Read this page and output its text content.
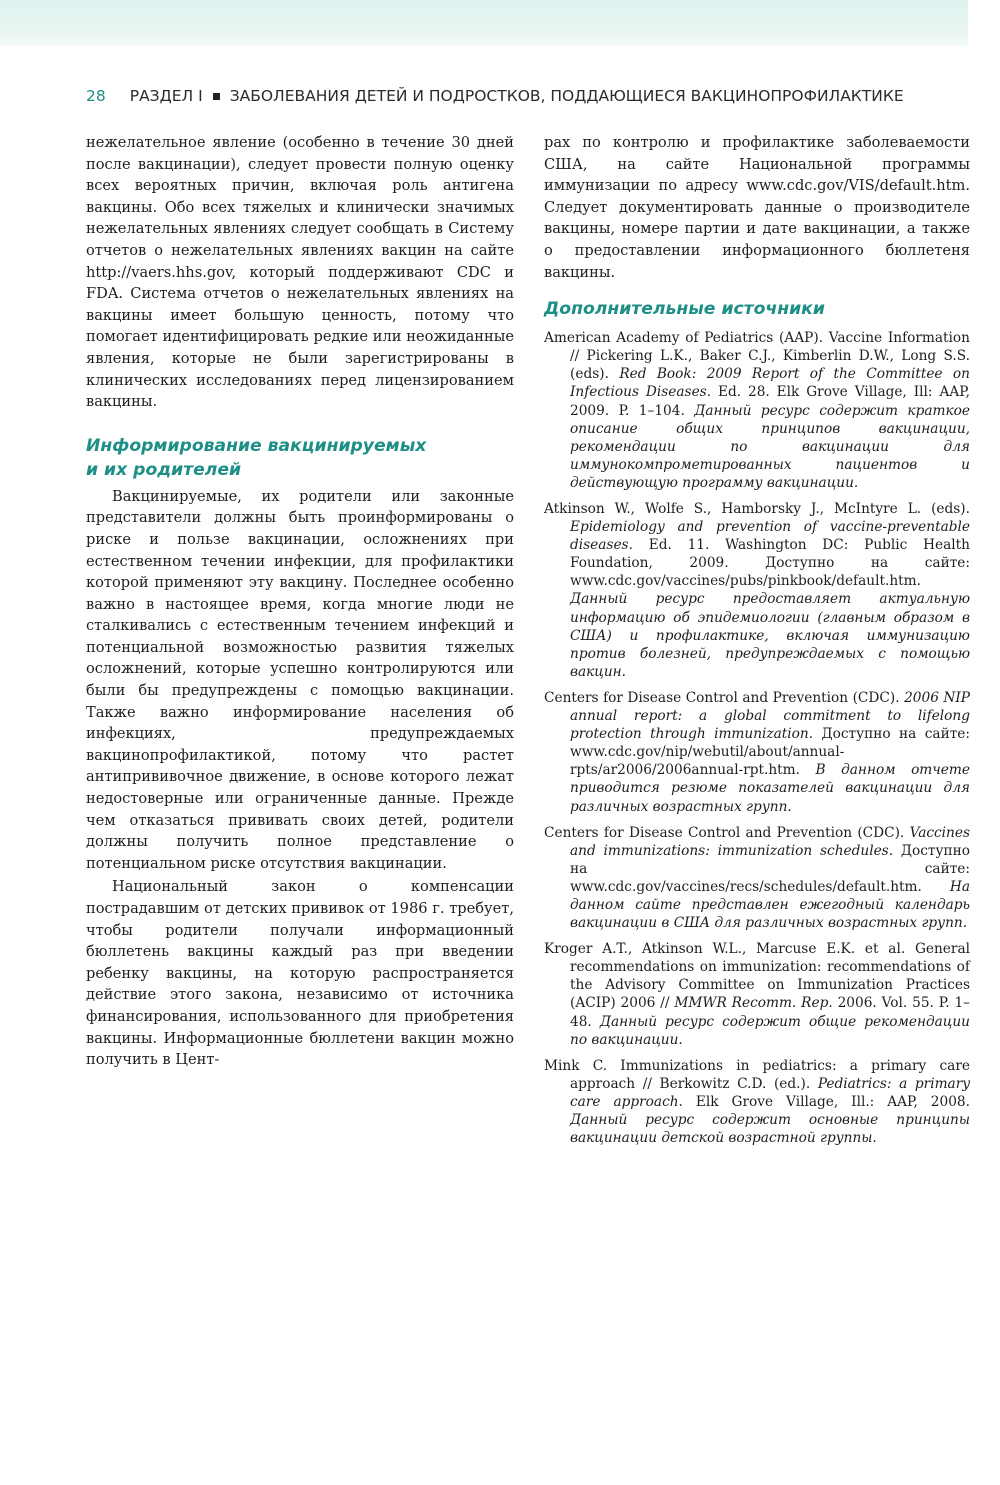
28 РАЗДЕЛ I ЗАБОЛЕВАНИЯ ДЕТЕЙ И ПОДРОСТКОВ, ПОДДАЮЩИЕСЯ ВАКЦИНОПРОФИЛАКТИКЕ

нежелательное явление (особенно в течение 30 дней после вакцинации), следует провести полную оценку всех вероятных причин, включая роль антигена вакцины. Обо всех тяжелых и клинически значимых нежелательных явлениях следует сообщать в Систему отчетов о нежелательных явлениях вакцин на сайте http://vaers.hhs.gov, который поддерживают CDC и FDA. Система отчетов о нежелательных явлениях на вакцины имеет большую ценность, потому что помогает идентифицировать редкие или неожиданные явления, которые не были зарегистрированы в клинических исследованиях перед лицензированием вакцины.

Информирование вакцинируемых
и их родителей

Вакцинируемые, их родители или законные представители должны быть проинформированы о риске и пользе вакцинации, осложнениях при естественном течении инфекции, для профилактики которой применяют эту вакцину. Последнее особенно важно в настоящее время, когда многие люди не сталкивались с естественным течением инфекций и потенциальной возможностью развития тяжелых осложнений, которые успешно контролируются или были бы предупреждены с помощью вакцинации. Также важно информирование населения об инфекциях, предупреждаемых вакцинопрофилактикой, потому что растет антипрививочное движение, в основе которого лежат недостоверные или ограниченные данные. Прежде чем отказаться прививать своих детей, родители должны получить полное представление о потенциальном риске отсутствия вакцинации.

Национальный закон о компенсации пострадавшим от детских прививок от 1986 г. требует, чтобы родители получали информационный бюллетень вакцины каждый раз при введении ребенку вакцины, на которую распространяется действие этого закона, независимо от источника финансирования, использованного для приобретения вакцины. Информационные бюллетени вакцин можно получить в Цент-

рах по контролю и профилактике заболеваемости США, на сайте Национальной программы иммунизации по адресу www.cdc.gov/VIS/default.htm. Следует документировать данные о производителе вакцины, номере партии и дате вакцинации, а также о предоставлении информационного бюллетеня вакцины.

Дополнительные источники

American Academy of Pediatrics (AAP). Vaccine Information // Pickering L.K., Baker C.J., Kimberlin D.W., Long S.S. (eds). Red Book: 2009 Report of the Committee on Infectious Diseases. Ed. 28. Elk Grove Village, Ill: AAP, 2009. P. 1–104. Данный ресурс содержит краткое описание общих принципов вакцинации, рекомендации по вакцинации для иммунокомпрометированных пациентов и действующую программу вакцинации.

Atkinson W., Wolfe S., Hamborsky J., McIntyre L. (eds). Epidemiology and prevention of vaccine-preventable diseases. Ed. 11. Washington DC: Public Health Foundation, 2009. Доступно на сайте: www.cdc.gov/vaccines/pubs/pinkbook/default.htm. Данный ресурс предоставляет актуальную информацию об эпидемиологии (главным образом в США) и профилактике, включая иммунизацию против болезней, предупреждаемых с помощью вакцин.

Centers for Disease Control and Prevention (CDC). 2006 NIP annual report: a global commitment to lifelong protection through immunization. Доступно на сайте: www.cdc.gov/nip/webutil/about/annual-rpts/ar2006/2006annual-rpt.htm. В данном отчете приводится резюме показателей вакцинации для различных возрастных групп.

Centers for Disease Control and Prevention (CDC). Vaccines and immunizations: immunization schedules. Доступно на сайте: www.cdc.gov/vaccines/recs/schedules/default.htm. На данном сайте представлен ежегодный календарь вакцинации в США для различных возрастных групп.

Kroger A.T., Atkinson W.L., Marcuse E.K. et al. General recommendations on immunization: recommendations of the Advisory Committee on Immunization Practices (ACIP) 2006 // MMWR Recomm. Rep. 2006. Vol. 55. P. 1–48. Данный ресурс содержит общие рекомендации по вакцинации.

Mink C. Immunizations in pediatrics: a primary care approach // Berkowitz C.D. (ed.). Pediatrics: a primary care approach. Elk Grove Village, Ill.: AAP, 2008. Данный ресурс содержит основные принципы вакцинации детской возрастной группы.
